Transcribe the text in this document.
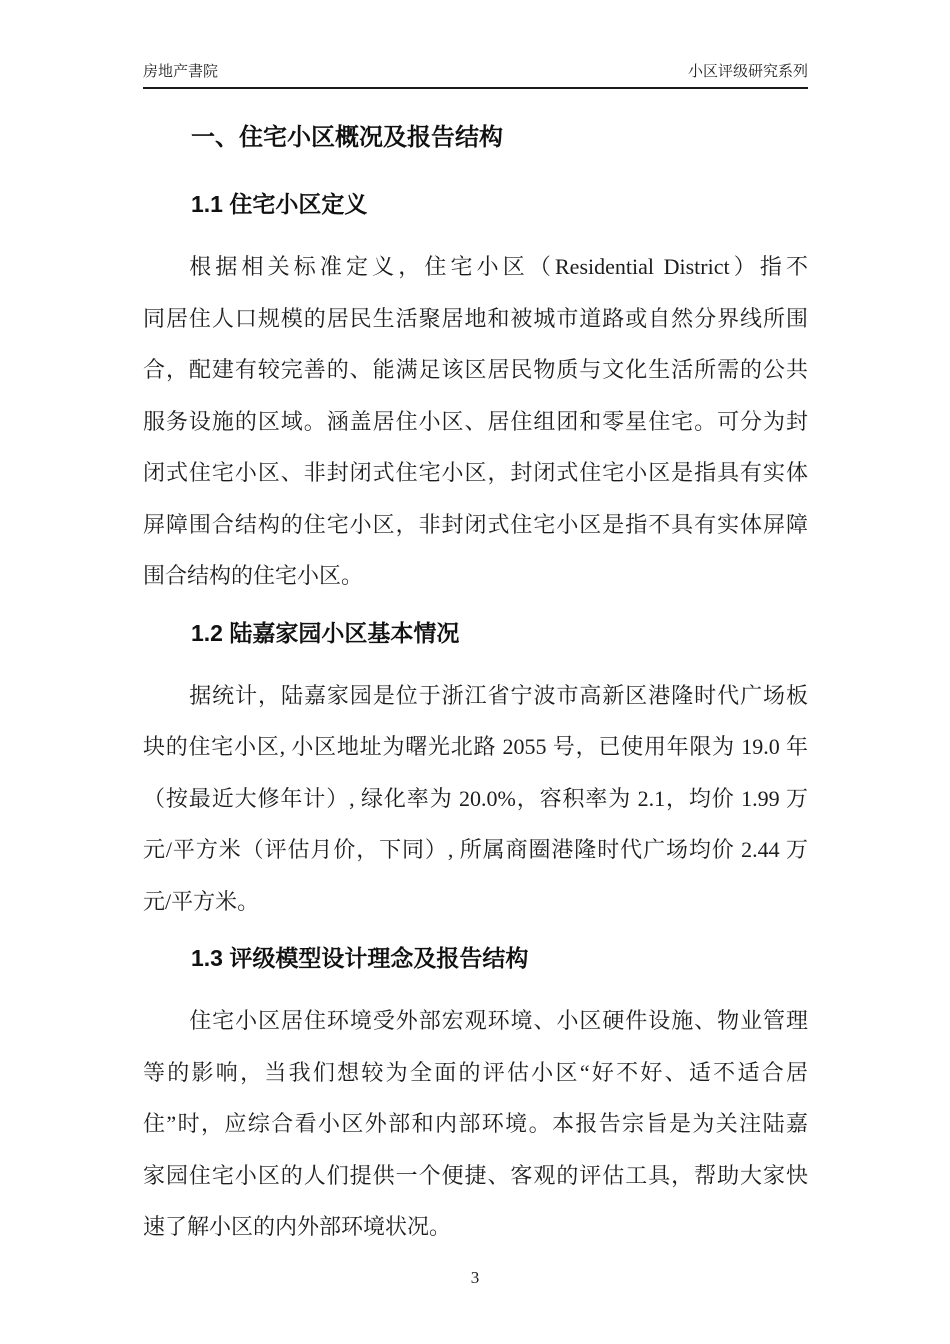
房地产書院	小区评级研究系列
一、住宅小区概况及报告结构
1.1 住宅小区定义
根据相关标准定义，住宅小区（Residential District）指不
同居住人口规模的居民生活聚居地和被城市道路或自然分界线所围
合，配建有较完善的、能满足该区居民物质与文化生活所需的公共
服务设施的区域。涵盖居住小区、居住组团和零星住宅。可分为封
闭式住宅小区、非封闭式住宅小区，封闭式住宅小区是指具有实体
屏障围合结构的住宅小区，非封闭式住宅小区是指不具有实体屏障
围合结构的住宅小区。
1.2 陆嘉家园小区基本情况
据统计，陆嘉家园是位于浙江省宁波市高新区港隆时代广场板
块的住宅小区, 小区地址为曙光北路 2055 号，已使用年限为 19.0 年
（按最近大修年计）, 绿化率为 20.0%，容积率为 2.1，均价 1.99 万
元/平方米（评估月价，下同）, 所属商圈港隆时代广场均价 2.44 万
元/平方米。
1.3 评级模型设计理念及报告结构
住宅小区居住环境受外部宏观环境、小区硬件设施、物业管理
等的影响，当我们想较为全面的评估小区“好不好、适不适合居
住”时，应综合看小区外部和内部环境。本报告宗旨是为关注陆嘉
家园住宅小区的人们提供一个便捷、客观的评估工具，帮助大家快
速了解小区的内外部环境状况。
3
